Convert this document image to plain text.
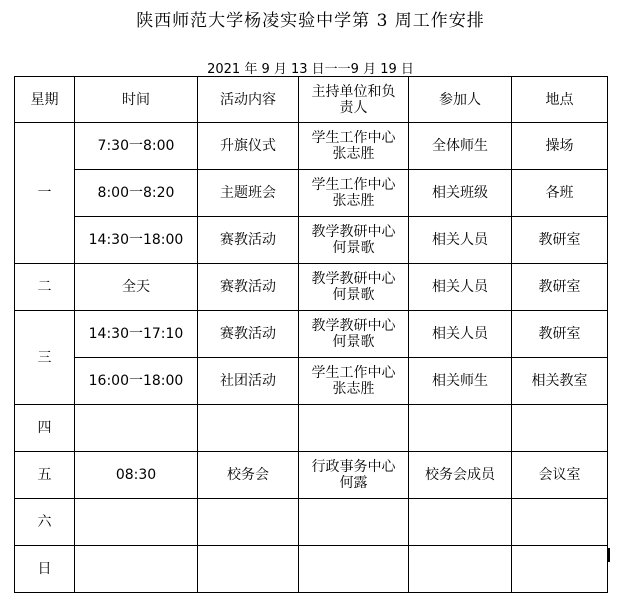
陕西师范大学杨凌实验中学第 3 周工作安排
2021 年 9 月 13 日一一9 月 19 日
星期	时间	活动内容	主持单位和负
责人	参加人	地点
一	7:30一8:00	升旗仪式	学生工作中心
张志胜	全体师生	操场
	8:00一8:20	主题班会	学生工作中心
张志胜	相关班级	各班
	14:30一18:00	赛教活动	教学教研中心
何景歌	相关人员	教研室
二	全天	赛教活动	教学教研中心
何景歌	相关人员	教研室
三	14:30一17:10	赛教活动	教学教研中心
何景歌	相关人员	教研室
	16:00一18:00	社团活动	学生工作中心
张志胜	相关师生	相关教室
四					
五	08:30	校务会	行政事务中心
何露	校务会成员	会议室
六					
日					
